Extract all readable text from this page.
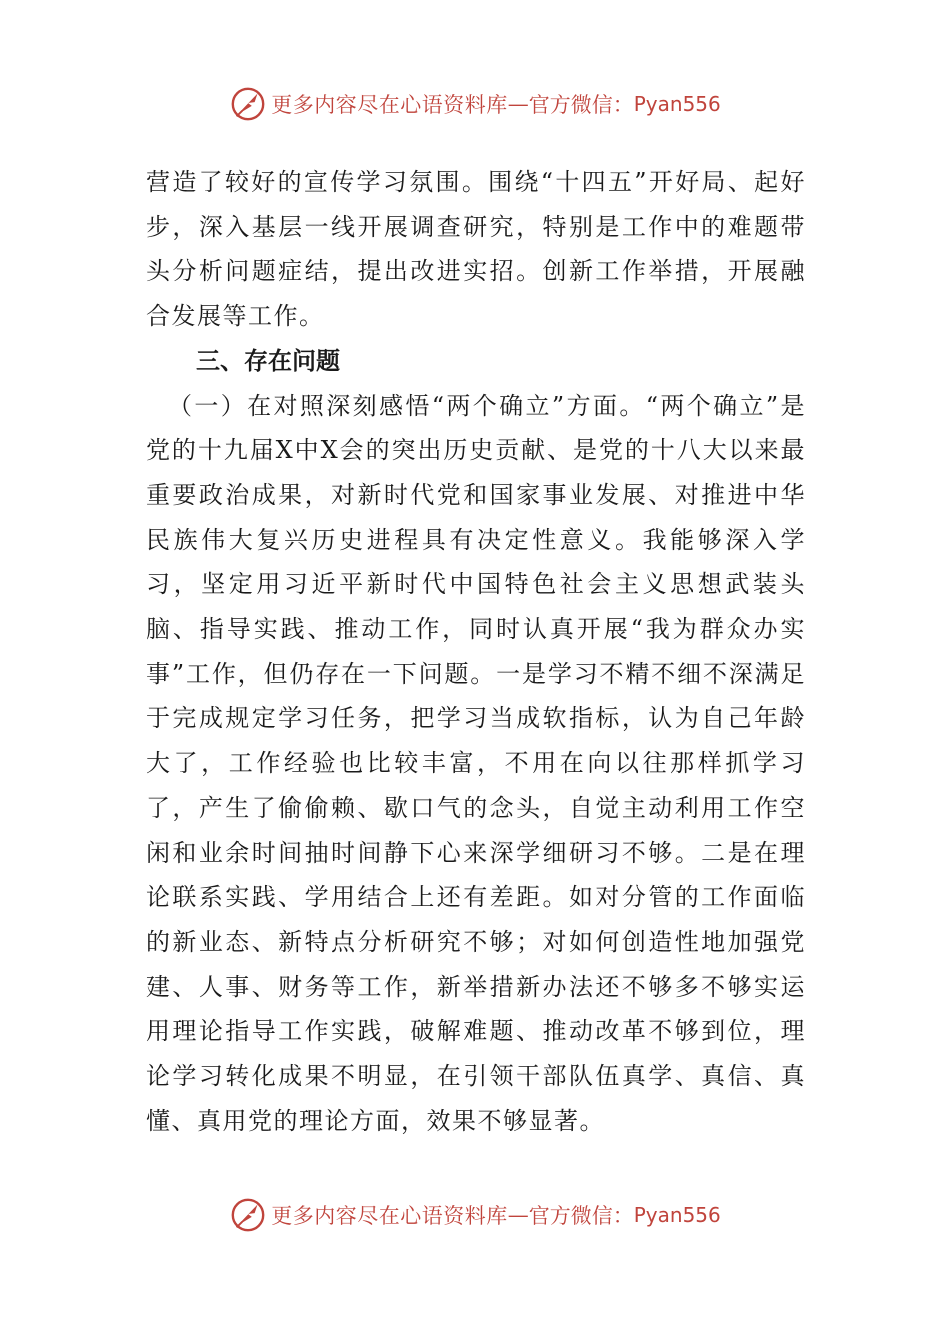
更多内容尽在心语资料库 — 官方微信： Pyan556

营造了较好的宣传学习氛围。围绕“十四五”开好局、起好步，深入基层一线开展调查研究，特别是工作中的难题带头分析问题症结，提出改进实招。创新工作举措，开展融合发展等工作。

三、存在问题

（一）在对照深刻感悟“两个确立”方面。“两个确立”是党的十九届X中X会的突出历史贡献、是党的十八大以来最重要政治成果，对新时代党和国家事业发展、对推进中华民族伟大复兴历史进程具有决定性意义。我能够深入学习，坚定用习近平新时代中国特色社会主义思想武装头脑、指导实践、推动工作，同时认真开展“我为群众办实事”工作，但仍存在一下问题。一是学习不精不细不深满足于完成规定学习任务，把学习当成软指标，认为自己年龄大了，工作经验也比较丰富，不用在向以往那样抓学习了，产生了偷偷赖、歇口气的念头，自觉主动利用工作空闲和业余时间抽时间静下心来深学细研习不够。二是在理论联系实践、学用结合上还有差距。如对分管的工作面临的新业态、新特点分析研究不够；对如何创造性地加强党建、人事、财务等工作，新举措新办法还不够多不够实运用理论指导工作实践，破解难题、推动改革不够到位，理论学习转化成果不明显，在引领干部队伍真学、真信、真懂、真用党的理论方面，效果不够显著。

更多内容尽在心语资料库 — 官方微信： Pyan556
